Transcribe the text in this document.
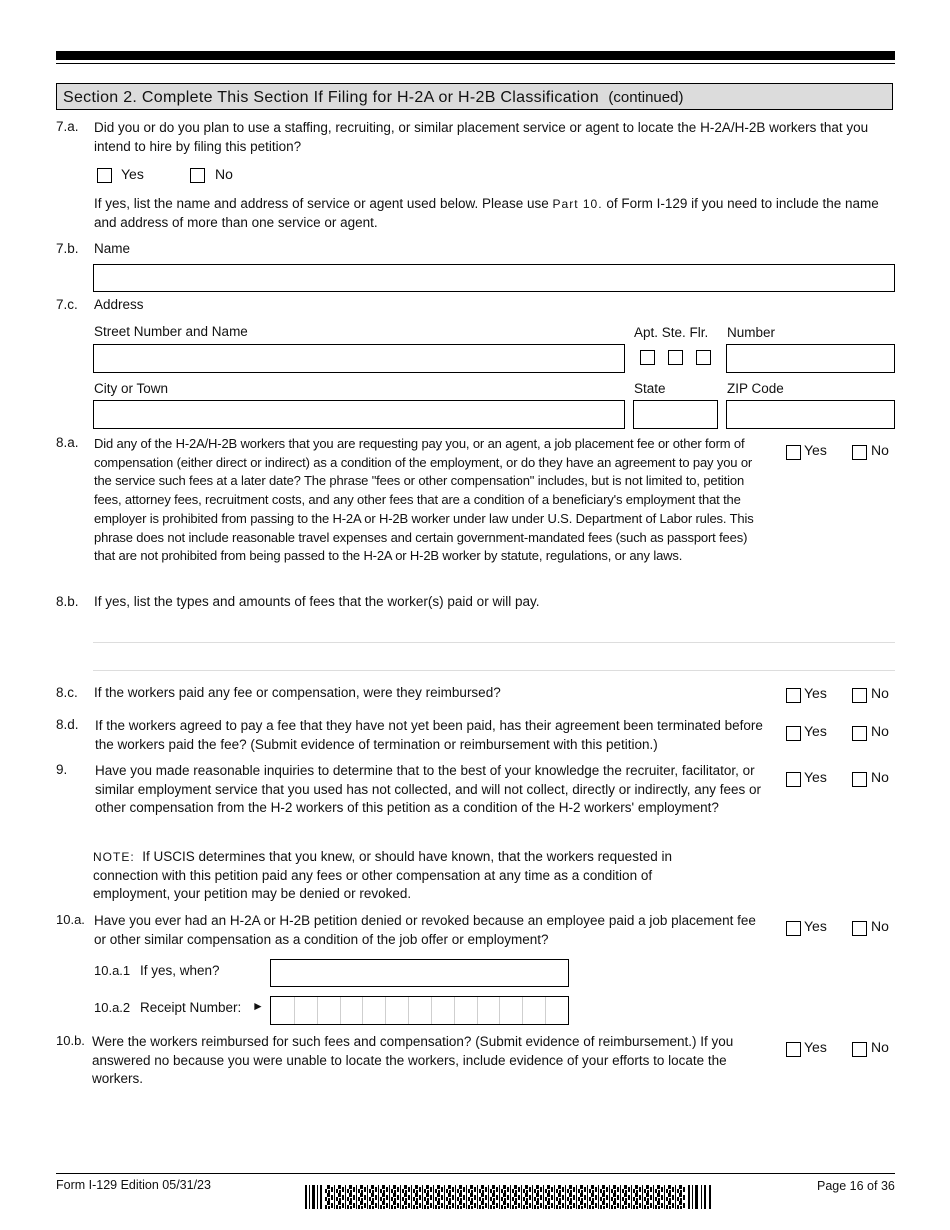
Section 2. Complete This Section If Filing for H-2A or H-2B Classification (continued)
7.a. Did you or do you plan to use a staffing, recruiting, or similar placement service or agent to locate the H-2A/H-2B workers that you intend to hire by filing this petition?
Yes	No
If yes, list the name and address of service or agent used below. Please use Part 10. of Form I-129 if you need to include the name and address of more than one service or agent.
7.b. Name
7.c. Address
Street Number and Name	Apt. Ste. Flr. Number
City or Town	State	ZIP Code
8.a. Did any of the H-2A/H-2B workers that you are requesting pay you, or an agent, a job placement fee or other form of compensation (either direct or indirect) as a condition of the employment, or do they have an agreement to pay you or the service such fees at a later date? The phrase "fees or other compensation" includes, but is not limited to, petition fees, attorney fees, recruitment costs, and any other fees that are a condition of a beneficiary's employment that the employer is prohibited from passing to the H-2A or H-2B worker under law under U.S. Department of Labor rules. This phrase does not include reasonable travel expenses and certain government-mandated fees (such as passport fees) that are not prohibited from being passed to the H-2A or H-2B worker by statute, regulations, or any laws.
Yes	No
8.b. If yes, list the types and amounts of fees that the worker(s) paid or will pay.
8.c. If the workers paid any fee or compensation, were they reimbursed?	Yes	No
8.d. If the workers agreed to pay a fee that they have not yet been paid, has their agreement been terminated before the workers paid the fee? (Submit evidence of termination or reimbursement with this petition.)
Yes	No
9. Have you made reasonable inquiries to determine that to the best of your knowledge the recruiter, facilitator, or similar employment service that you used has not collected, and will not collect, directly or indirectly, any fees or other compensation from the H-2 workers of this petition as a condition of the H-2 workers' employment?
Yes	No
NOTE: If USCIS determines that you knew, or should have known, that the workers requested in connection with this petition paid any fees or other compensation at any time as a condition of employment, your petition may be denied or revoked.
10.a. Have you ever had an H-2A or H-2B petition denied or revoked because an employee paid a job placement fee or other similar compensation as a condition of the job offer or employment?
Yes	No
10.a.1 If yes, when?
10.a.2 Receipt Number: ►
10.b. Were the workers reimbursed for such fees and compensation? (Submit evidence of reimbursement.) If you answered no because you were unable to locate the workers, include evidence of your efforts to locate the workers.
Yes	No
Form I-129 Edition 05/31/23	Page 16 of 36
